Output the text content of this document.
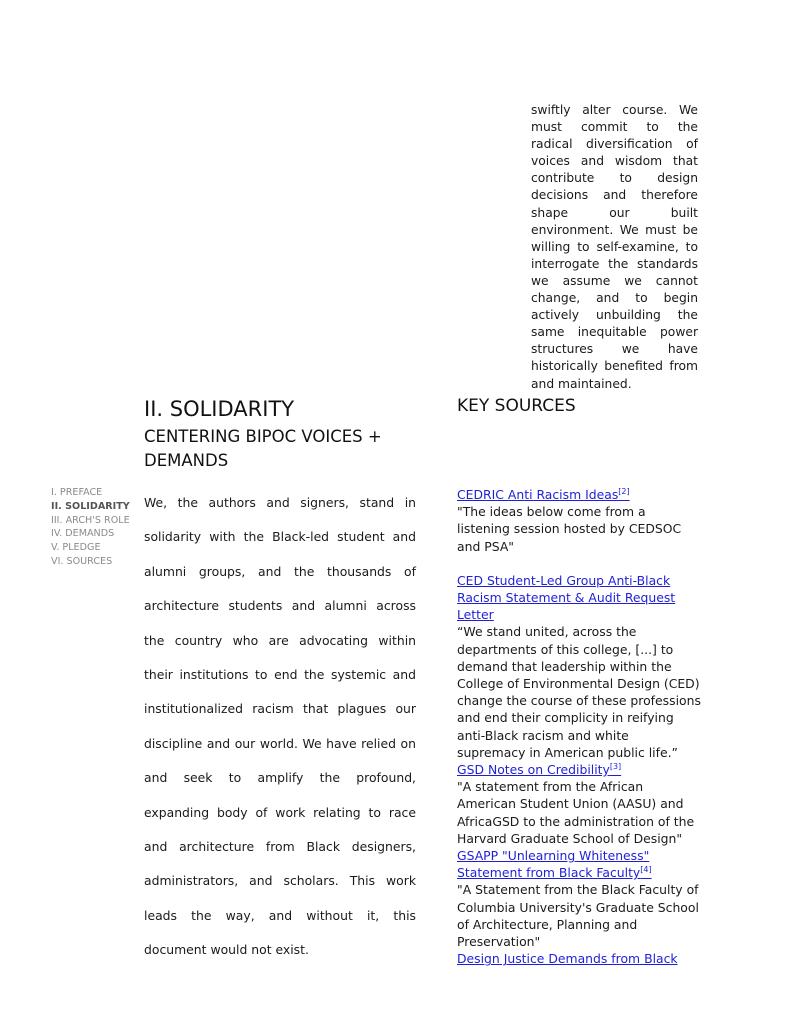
swiftly alter course. We must commit to the radical diversification of voices and wisdom that contribute to design decisions and therefore shape our built environment. We must be willing to self-examine, to interrogate the standards we assume we cannot change, and to begin actively unbuilding the same inequitable power structures we have historically benefited from and maintained.
II. SOLIDARITY
CENTERING BIPOC VOICES + DEMANDS
KEY SOURCES
I. PREFACE
II. SOLIDARITY
III. ARCH'S ROLE
IV. DEMANDS
V. PLEDGE
VI. SOURCES
We, the authors and signers, stand in solidarity with the Black-led student and alumni groups, and the thousands of architecture students and alumni across the country who are advocating within their institutions to end the systemic and institutionalized racism that plagues our discipline and our world. We have relied on and seek to amplify the profound, expanding body of work relating to race and architecture from Black designers, administrators, and scholars. This work leads the way, and without it, this document would not exist.
CEDRIC Anti Racism Ideas[2]
"The ideas below come from a listening session hosted by CEDSOC and PSA"
CED Student-Led Group Anti-Black Racism Statement & Audit Request Letter
“We stand united, across the departments of this college, [...] to demand that leadership within the College of Environmental Design (CED) change the course of these professions and end their complicity in reifying anti-Black racism and white supremacy in American public life.”
GSD Notes on Credibility[3]
"A statement from the African American Student Union (AASU) and AfricaGSD to the administration of the Harvard Graduate School of Design"
GSAPP "Unlearning Whiteness" Statement from Black Faculty[4]
"A Statement from the Black Faculty of Columbia University's Graduate School of Architecture, Planning and Preservation"
Design Justice Demands from Black
